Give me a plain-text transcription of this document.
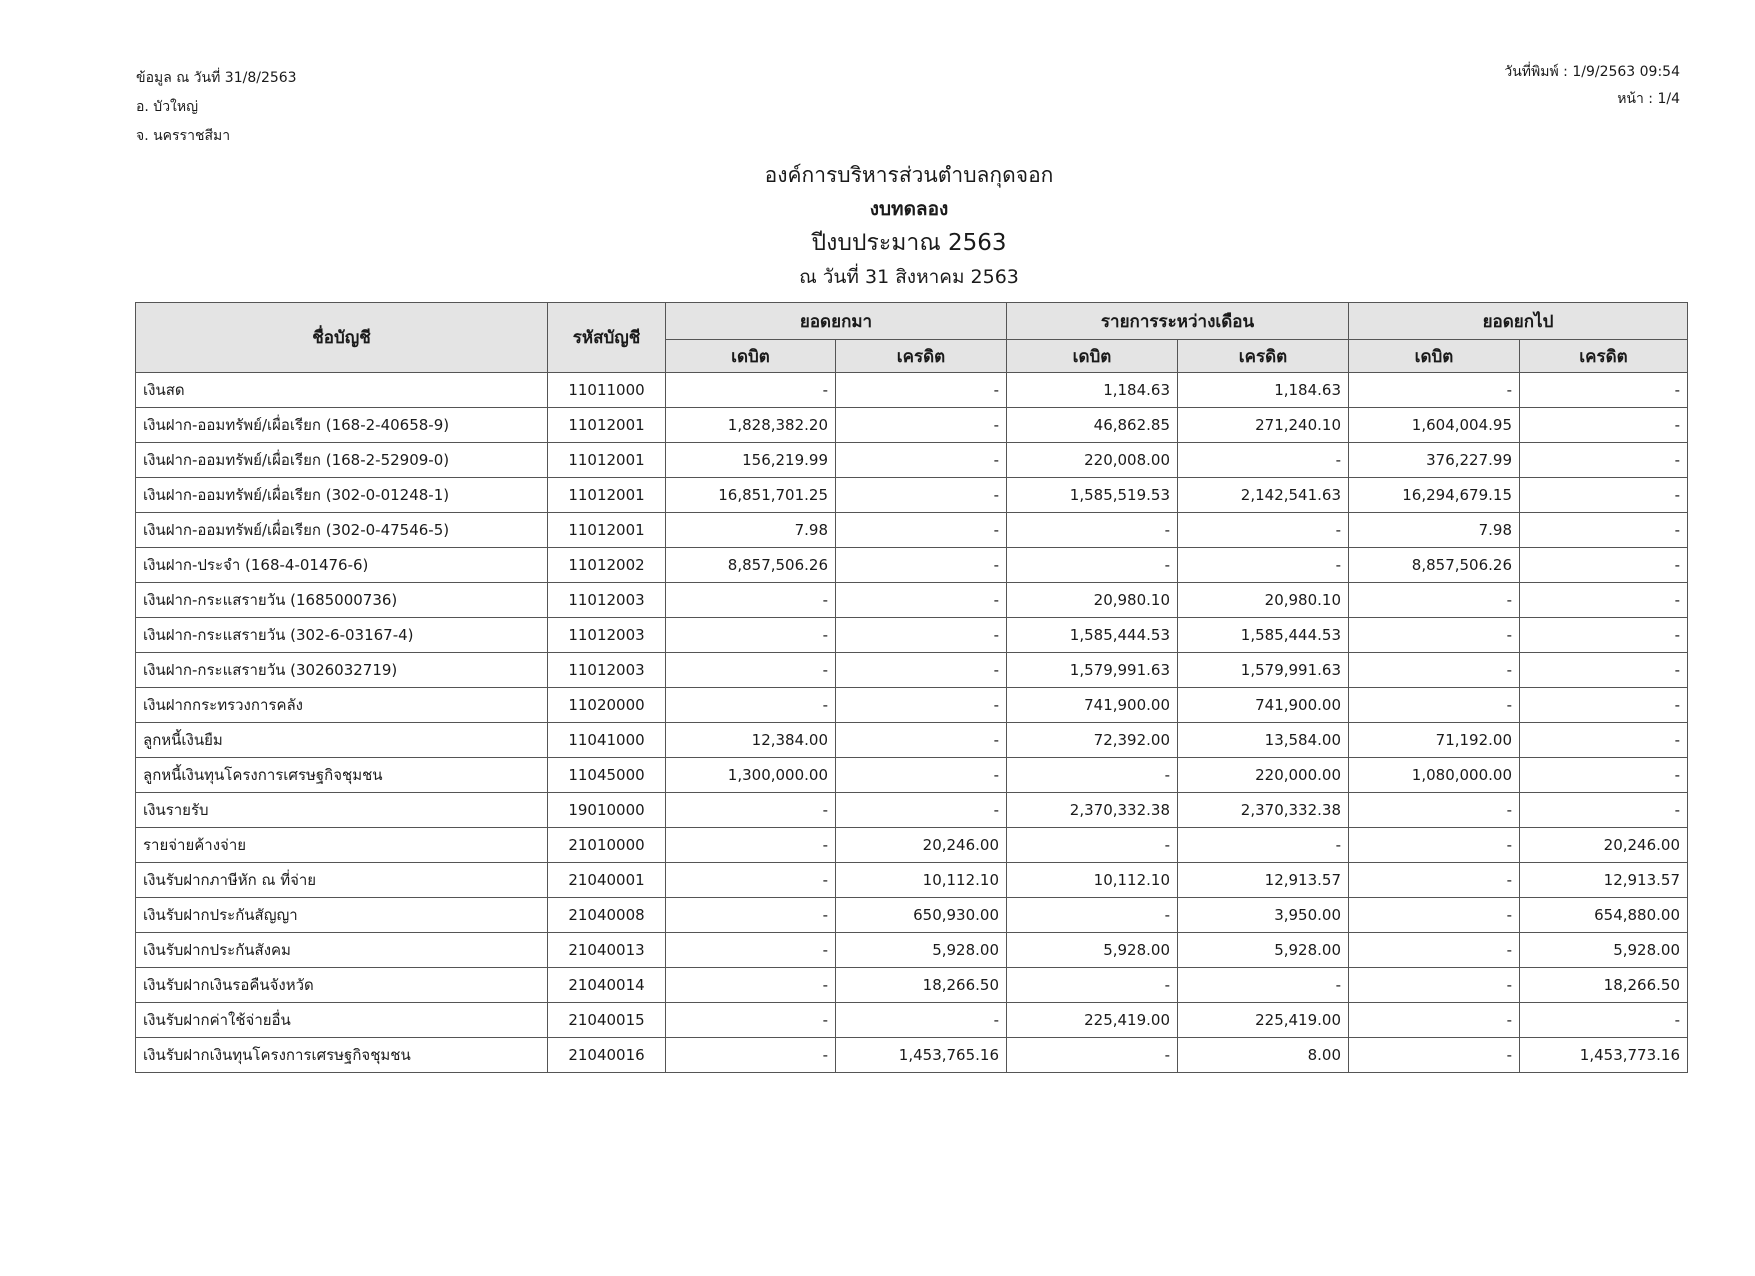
ข้อมูล ณ วันที่ 31/8/2563
อ. บัวใหญ่
จ. นครราชสีมา
วันที่พิมพ์ : 1/9/2563 09:54
หน้า : 1/4
องค์การบริหารส่วนตำบลกุดจอก
งบทดลอง
ปีงบประมาณ 2563
ณ วันที่ 31 สิงหาคม 2563
ชื่อบัญชี	รหัสบัญชี	ยอดยกมา		รายการระหว่างเดือน		ยอดยกไป	
		เดบิต	เครดิต	เดบิต	เครดิต	เดบิต	เครดิต
เงินสด	11011000	-	-	1,184.63	1,184.63	-	-
เงินฝาก-ออมทรัพย์/เผื่อเรียก (168-2-40658-9)	11012001	1,828,382.20	-	46,862.85	271,240.10	1,604,004.95	-
เงินฝาก-ออมทรัพย์/เผื่อเรียก (168-2-52909-0)	11012001	156,219.99	-	220,008.00	-	376,227.99	-
เงินฝาก-ออมทรัพย์/เผื่อเรียก (302-0-01248-1)	11012001	16,851,701.25	-	1,585,519.53	2,142,541.63	16,294,679.15	-
เงินฝาก-ออมทรัพย์/เผื่อเรียก (302-0-47546-5)	11012001	7.98	-	-	-	7.98	-
เงินฝาก-ประจำ (168-4-01476-6)	11012002	8,857,506.26	-	-	-	8,857,506.26	-
เงินฝาก-กระแสรายวัน (1685000736)	11012003	-	-	20,980.10	20,980.10	-	-
เงินฝาก-กระแสรายวัน (302-6-03167-4)	11012003	-	-	1,585,444.53	1,585,444.53	-	-
เงินฝาก-กระแสรายวัน (3026032719)	11012003	-	-	1,579,991.63	1,579,991.63	-	-
เงินฝากกระทรวงการคลัง	11020000	-	-	741,900.00	741,900.00	-	-
ลูกหนี้เงินยืม	11041000	12,384.00	-	72,392.00	13,584.00	71,192.00	-
ลูกหนี้เงินทุนโครงการเศรษฐกิจชุมชน	11045000	1,300,000.00	-	-	220,000.00	1,080,000.00	-
เงินรายรับ	19010000	-	-	2,370,332.38	2,370,332.38	-	-
รายจ่ายค้างจ่าย	21010000	-	20,246.00	-	-	-	20,246.00
เงินรับฝากภาษีหัก ณ ที่จ่าย	21040001	-	10,112.10	10,112.10	12,913.57	-	12,913.57
เงินรับฝากประกันสัญญา	21040008	-	650,930.00	-	3,950.00	-	654,880.00
เงินรับฝากประกันสังคม	21040013	-	5,928.00	5,928.00	5,928.00	-	5,928.00
เงินรับฝากเงินรอคืนจังหวัด	21040014	-	18,266.50	-	-	-	18,266.50
เงินรับฝากค่าใช้จ่ายอื่น	21040015	-	-	225,419.00	225,419.00	-	-
เงินรับฝากเงินทุนโครงการเศรษฐกิจชุมชน	21040016	-	1,453,765.16	-	8.00	-	1,453,773.16
